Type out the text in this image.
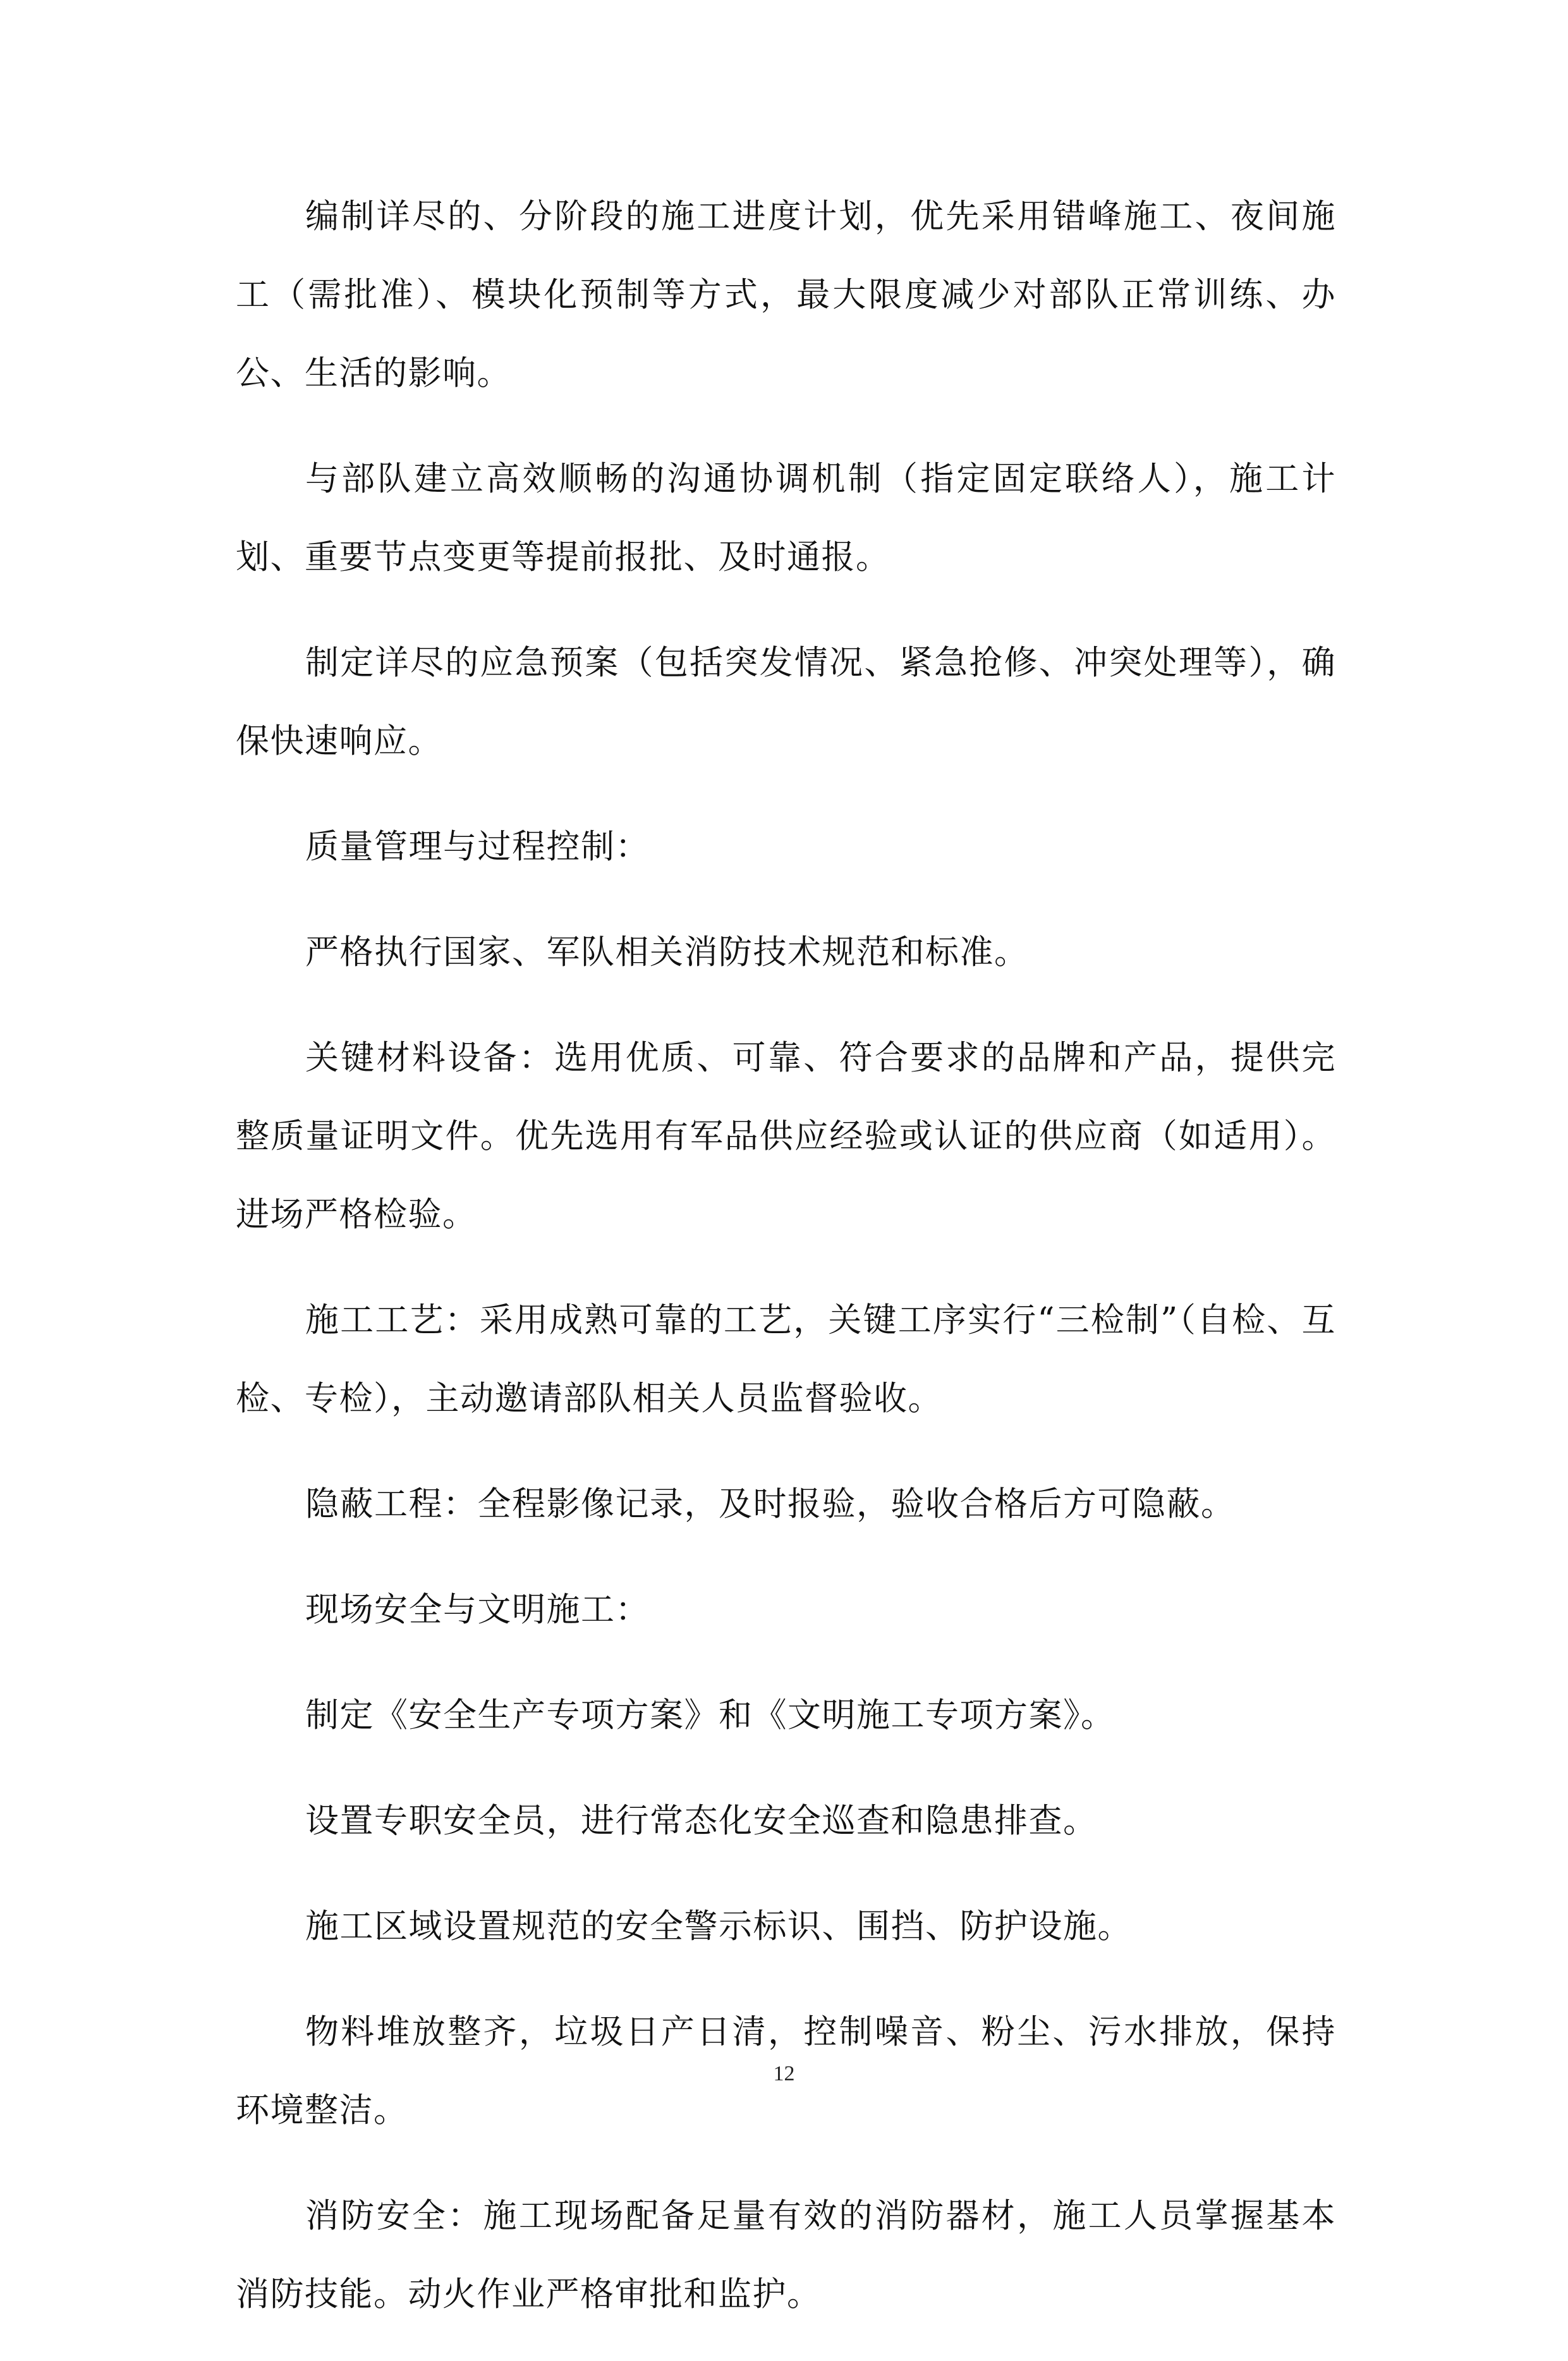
编制详尽的、分阶段的施工进度计划，优先采用错峰施工、夜间施工（需批准）、模块化预制等方式，最大限度减少对部队正常训练、办公、生活的影响。

与部队建立高效顺畅的沟通协调机制（指定固定联络人），施工计划、重要节点变更等提前报批、及时通报。

制定详尽的应急预案（包括突发情况、紧急抢修、冲突处理等），确保快速响应。

质量管理与过程控制：

严格执行国家、军队相关消防技术规范和标准。

关键材料设备：选用优质、可靠、符合要求的品牌和产品，提供完整质量证明文件。优先选用有军品供应经验或认证的供应商（如适用）。进场严格检验。

施工工艺：采用成熟可靠的工艺，关键工序实行“三检制”（自检、互检、专检），主动邀请部队相关人员监督验收。

隐蔽工程：全程影像记录，及时报验，验收合格后方可隐蔽。

现场安全与文明施工：

制定《安全生产专项方案》和《文明施工专项方案》。

设置专职安全员，进行常态化安全巡查和隐患排查。

施工区域设置规范的安全警示标识、围挡、防护设施。

物料堆放整齐，垃圾日产日清，控制噪音、粉尘、污水排放，保持环境整洁。

消防安全：施工现场配备足量有效的消防器材，施工人员掌握基本消防技能。动火作业严格审批和监护。

12
